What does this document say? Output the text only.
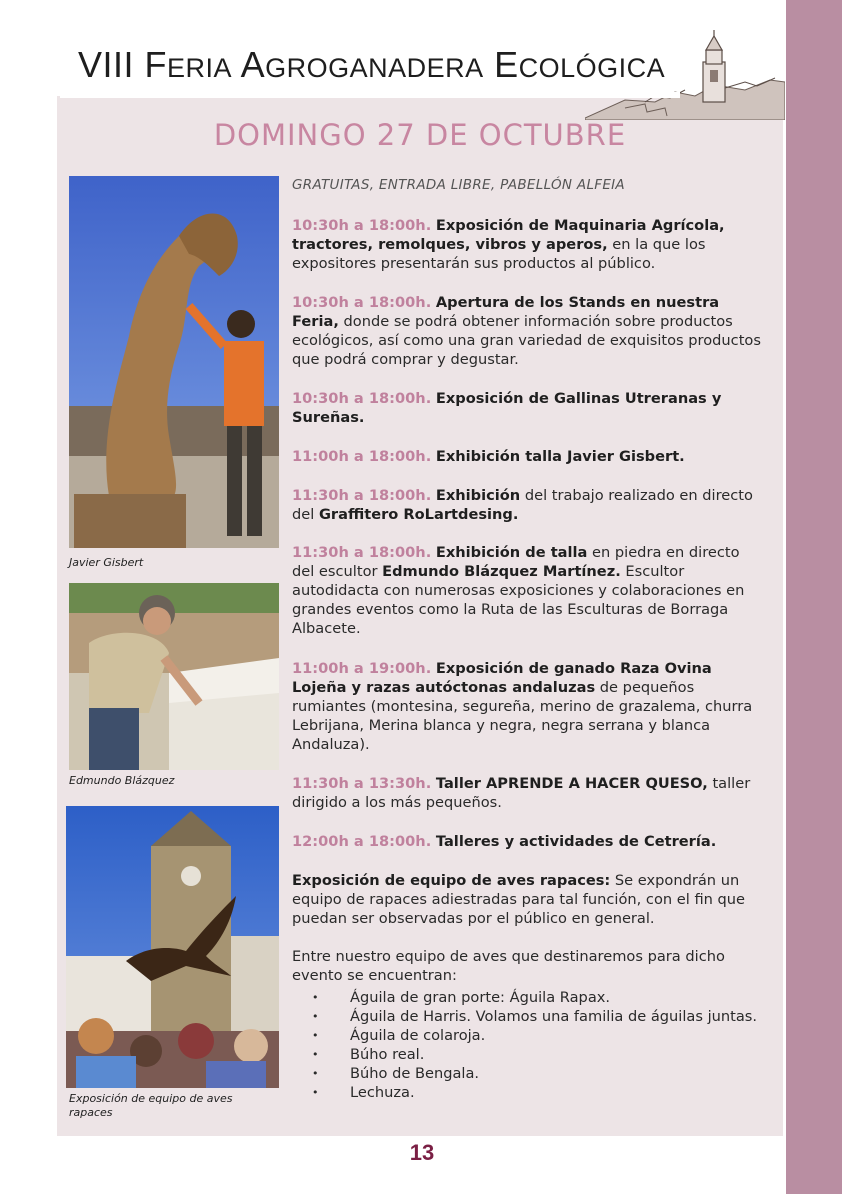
VIII FERIA AGROGANADERA ECOLÓGICA
DOMINGO 27 DE OCTUBRE
GRATUITAS, ENTRADA LIBRE, PABELLÓN ALFEIA
Javier Gisbert
Edmundo Blázquez
Exposición de equipo de aves rapaces
10:30h a 18:00h. Exposición de Maquinaria Agrícola, tractores, remolques, vibros y aperos, en la que los expositores presentarán sus productos al público.
10:30h a 18:00h. Apertura de los Stands en nuestra Feria, donde se podrá obtener información sobre productos ecológicos, así como una gran variedad de exquisitos productos que podrá comprar y degustar.
10:30h a 18:00h. Exposición de Gallinas Utreranas y Sureñas.
11:00h a 18:00h. Exhibición talla Javier Gisbert.
11:30h a 18:00h. Exhibición del trabajo realizado en directo del Graffitero RoLartdesing.
11:30h a 18:00h. Exhibición de talla en piedra en directo del escultor Edmundo Blázquez Martínez. Escultor autodidacta con numerosas exposiciones y colaboraciones en grandes eventos como la Ruta de las Esculturas de Borraga Albacete.
11:00h a 19:00h. Exposición de ganado Raza Ovina Lojeña y razas autóctonas andaluzas de pequeños rumiantes (montesina, segureña, merino de grazalema, churra Lebrijana, Merina blanca y negra, negra serrana y blanca Andaluza).
11:30h a 13:30h. Taller APRENDE A HACER QUESO, taller dirigido a los más pequeños.
12:00h a 18:00h. Talleres y actividades de Cetrería.
Exposición de equipo de aves rapaces: Se expondrán un equipo de rapaces adiestradas para tal función, con el fin que puedan ser observadas por el público en general.
Entre nuestro equipo de aves que destinaremos para dicho evento se encuentran:
• Águila de gran porte: Águila Rapax.
• Águila de Harris. Volamos una familia de águilas juntas.
• Águila de colaroja.
• Búho real.
• Búho de Bengala.
• Lechuza.
13
